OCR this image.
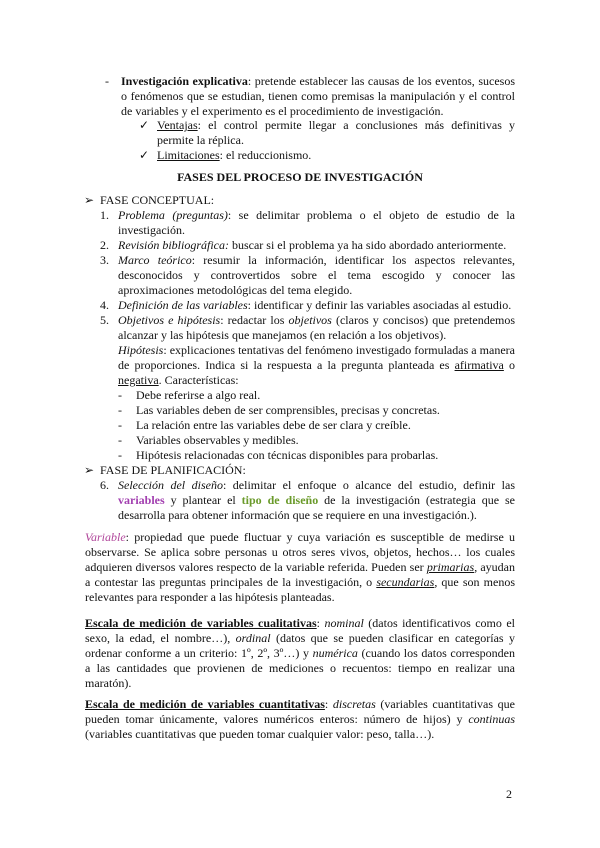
- Investigación explicativa: pretende establecer las causas de los eventos, sucesos o fenómenos que se estudian, tienen como premisas la manipulación y el control de variables y el experimento es el procedimiento de investigación.
✓ Ventajas: el control permite llegar a conclusiones más definitivas y permite la réplica.
✓ Limitaciones: el reduccionismo.
FASES DEL PROCESO DE INVESTIGACIÓN
➢ FASE CONCEPTUAL:
1. Problema (preguntas): se delimitar problema o el objeto de estudio de la investigación.
2. Revisión bibliográfica: buscar si el problema ya ha sido abordado anteriormente.
3. Marco teórico: resumir la información, identificar los aspectos relevantes, desconocidos y controvertidos sobre el tema escogido y conocer las aproximaciones metodológicas del tema elegido.
4. Definición de las variables: identificar y definir las variables asociadas al estudio.
5. Objetivos e hipótesis: redactar los objetivos (claros y concisos) que pretendemos alcanzar y las hipótesis que manejamos (en relación a los objetivos).
Hipótesis: explicaciones tentativas del fenómeno investigado formuladas a manera de proporciones. Indica si la respuesta a la pregunta planteada es afirmativa o negativa. Características:
- Debe referirse a algo real.
- Las variables deben de ser comprensibles, precisas y concretas.
- La relación entre las variables debe de ser clara y creíble.
- Variables observables y medibles.
- Hipótesis relacionadas con técnicas disponibles para probarlas.
➢ FASE DE PLANIFICACIÓN:
6. Selección del diseño: delimitar el enfoque o alcance del estudio, definir las variables y plantear el tipo de diseño de la investigación (estrategia que se desarrolla para obtener información que se requiere en una investigación.).
Variable: propiedad que puede fluctuar y cuya variación es susceptible de medirse u observarse. Se aplica sobre personas u otros seres vivos, objetos, hechos… los cuales adquieren diversos valores respecto de la variable referida. Pueden ser primarias, ayudan a contestar las preguntas principales de la investigación, o secundarias, que son menos relevantes para responder a las hipótesis planteadas.
Escala de medición de variables cualitativas: nominal (datos identificativos como el sexo, la edad, el nombre…), ordinal (datos que se pueden clasificar en categorías y ordenar conforme a un criterio: 1º, 2º, 3º…) y numérica (cuando los datos corresponden a las cantidades que provienen de mediciones o recuentos: tiempo en realizar una maratón).
Escala de medición de variables cuantitativas: discretas (variables cuantitativas que pueden tomar únicamente, valores numéricos enteros: número de hijos) y continuas (variables cuantitativas que pueden tomar cualquier valor: peso, talla…).
2
